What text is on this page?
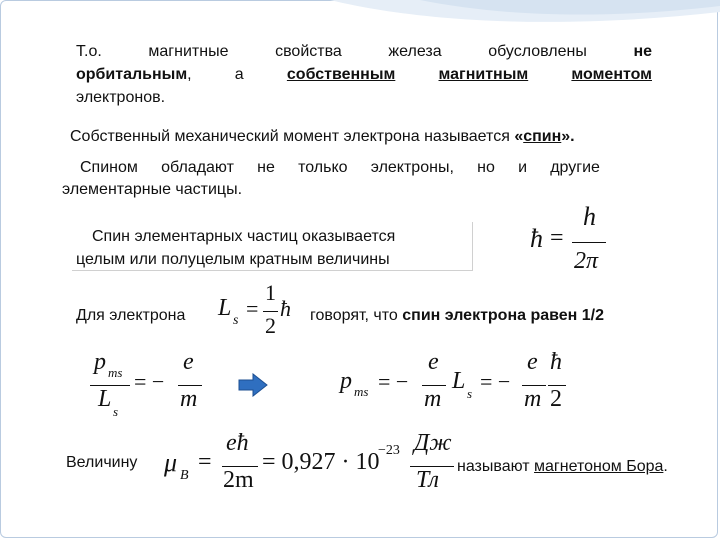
Т.о.	магнитные	свойства	железа	обусловлены	не
орбитальным, а	собственным	магнитным	моментом
электронов.
Собственный механический момент электрона называется «спин».
Спином обладают не только электроны, но и другие
элементарные частицы.
Спин элементарных частиц оказывается
целым или полуцелым кратным величины
ħ =
h
2π
Для электрона L s =
1
2
ħ говорят, что спин электрона равен 1/2
p ms
L s
= −
e
m
p ms = −
e
m
L s = −
e
m
ħ
2
Величину μ B
=
eħ
2m
= 0,927 · 10
−23 Дж
Тл
называют магнетоном Бора.
